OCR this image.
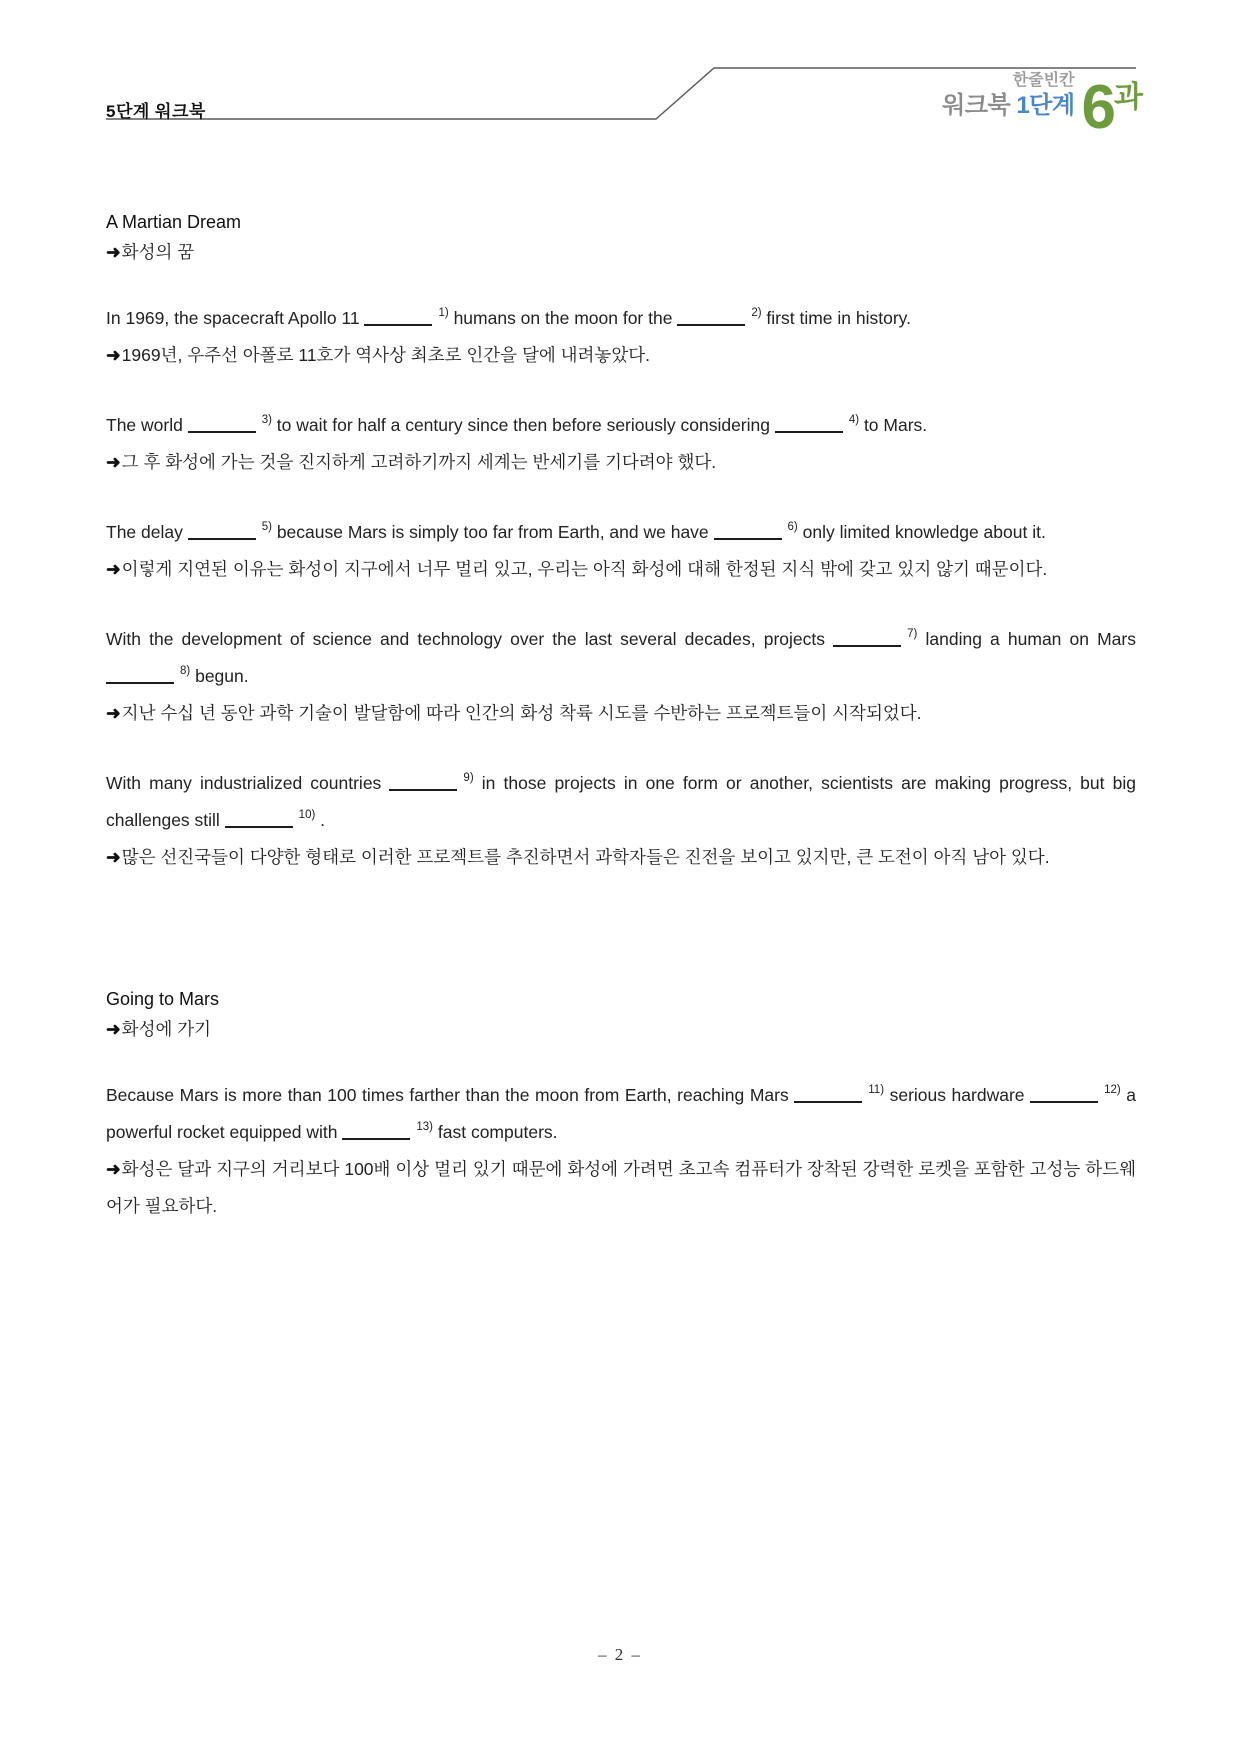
5단계 워크북
한줄빈칸
워크북 1단계 6과
A Martian Dream
➜화성의 꿈

In 1969, the spacecraft Apollo 11	$^{1)}$ humans on the moon for the	$^{2)}$ first time in history.

➜1969년, 우주선 아폴로 11호가 역사상 최초로 인간을 달에 내려놓았다.

The world	$^{3)}$ to wait for half a century since then before seriously considering	$^{4)}$ to Mars.

➜그 후 화성에 가는 것을 진지하게 고려하기까지 세계는 반세기를 기다려야 했다.

The delay	$^{5)}$ because Mars is simply too far from Earth, and we have	$^{6)}$ only limited knowledge about it.

➜이렇게 지연된 이유는 화성이 지구에서 너무 멀리 있고, 우리는 아직 화성에 대해 한정된 지식 밖에 갖고 있지 않기 때문이다.

With the development of science and technology over the last several decades, projects	$^{7)}$ landing a human on Mars $^{8)}$ begun.

➜지난 수십 년 동안 과학 기술이 발달함에 따라 인간의 화성 착륙 시도를 수반하는 프로젝트들이 시작되었다.

With many industrialized countries	$^{9)}$ in those projects in one form or another, scientists are making progress, but big challenges still	$^{10)}$ .

➜많은 선진국들이 다양한 형태로 이러한 프로젝트를 추진하면서 과학자들은 진전을 보이고 있지만, 큰 도전이 아직 남아 있다.

Going to Mars
➜화성에 가기

Because Mars is more than 100 times farther than the moon from Earth, reaching Mars	$^{11)}$ serious hardware	$^{12)}$ a powerful rocket equipped with	$^{13)}$ fast computers.

➜화성은 달과 지구의 거리보다 100배 이상 멀리 있기 때문에 화성에 가려면 초고속 컴퓨터가 장착된 강력한 로켓을 포함한 고성능 하드웨어가 필요하다.

– 2 –
